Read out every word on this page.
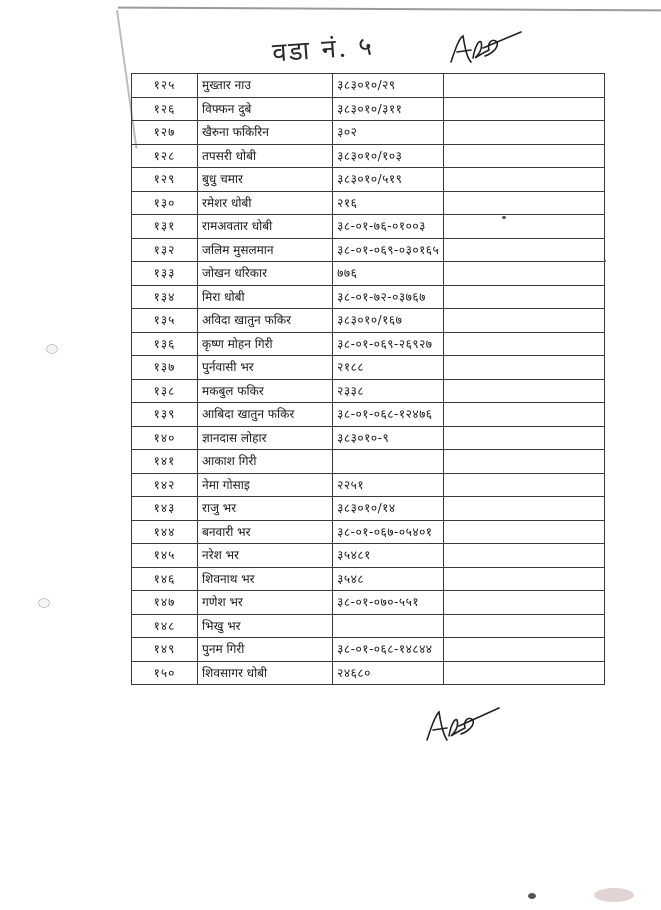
वडा नं. ५
१२५	मुख्तार नाउ	३८३०१०/२९	
१२६	विफ्फन दुबे	३८३०१०/३११	
१२७	खैरुना फकिरिन	३०२	
१२८	तपसरी धोबी	३८३०१०/१०३	
१२९	बुधु चमार	३८३०१०/५१९	
१३०	रमेशर धोबी	२१६	
१३१	रामअवतार धोबी	३८-०१-७६-०१००३	
१३२	जलिम मुसलमान	३८-०१-०६९-०३०१६५	
१३३	जोखन धरिकार	७७६	
१३४	मिरा धोबी	३८-०१-७२-०३७६७	
१३५	अविदा खातुन फकिर	३८३०१०/१६७	
१३६	कृष्ण मोहन गिरी	३८-०१-०६९-२६९२७	
१३७	पुर्नवासी भर	२१८८	
१३८	मकबुल फकिर	२३३८	
१३९	आबिदा खातुन फकिर	३८-०१-०६८-१२४७६	
१४०	ज्ञानदास लोहार	३८३०१०-९	
१४१	आकाश गिरी		
१४२	नेमा गोसाइ	२२५१	
१४३	राजु भर	३८३०१०/१४	
१४४	बनवारी भर	३८-०१-०६७-०५४०१	
१४५	नरेश भर	३५४८१	
१४६	शिवनाथ भर	३५४८	
१४७	गणेश भर	३८-०१-०७०-५५१	
१४८	भिखु भर		
१४९	पुनम गिरी	३८-०१-०६८-१४८४४	
१५०	शिवसागर धोबी	२४६८०	
